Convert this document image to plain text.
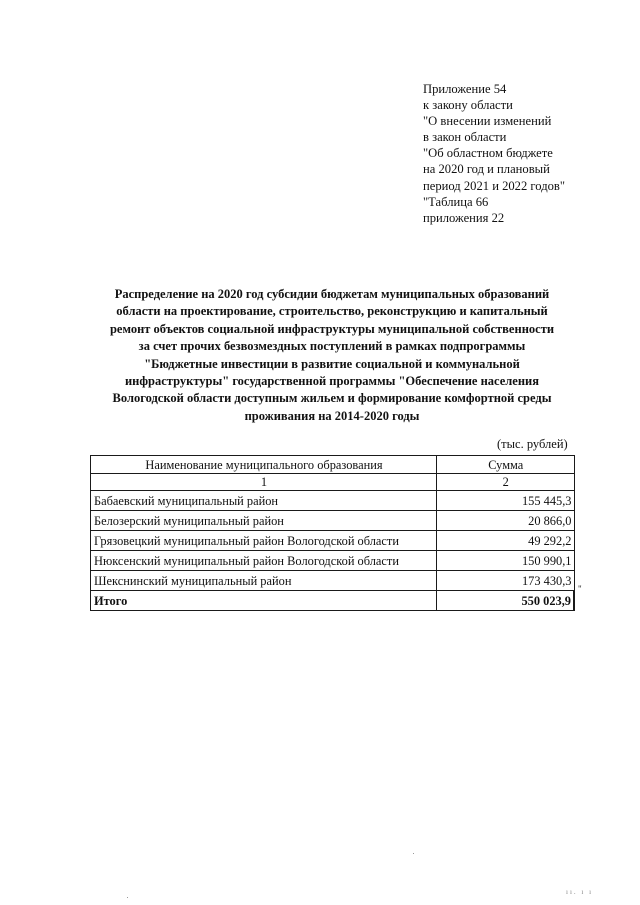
Приложение 54
к закону области
"О внесении изменений
в закон области
"Об областном бюджете
на 2020 год и плановый
период 2021 и 2022 годов"
"Таблица 66
приложения 22
Распределение на 2020 год субсидии бюджетам муниципальных образований
области на проектирование, строительство, реконструкцию и капитальный
ремонт объектов социальной инфраструктуры муниципальной собственности
за счет прочих безвозмездных поступлений в рамках подпрограммы
"Бюджетные инвестиции в развитие социальной и коммунальной
инфраструктуры" государственной программы "Обеспечение населения
Вологодской области доступным жильем и формирование комфортной среды
проживания на 2014-2020 годы
(тыс. рублей)
Наименование муниципального образования	Сумма
1	2
Бабаевский муниципальный район	155 445,3
Белозерский муниципальный район	20 866,0
Грязовецкий муниципальный район Вологодской области	49 292,2
Нюксенский муниципальный район Вологодской области	150 990,1
Шекснинский муниципальный район	173 430,3
Итого	550 023,9
"
ıı. ı ı
